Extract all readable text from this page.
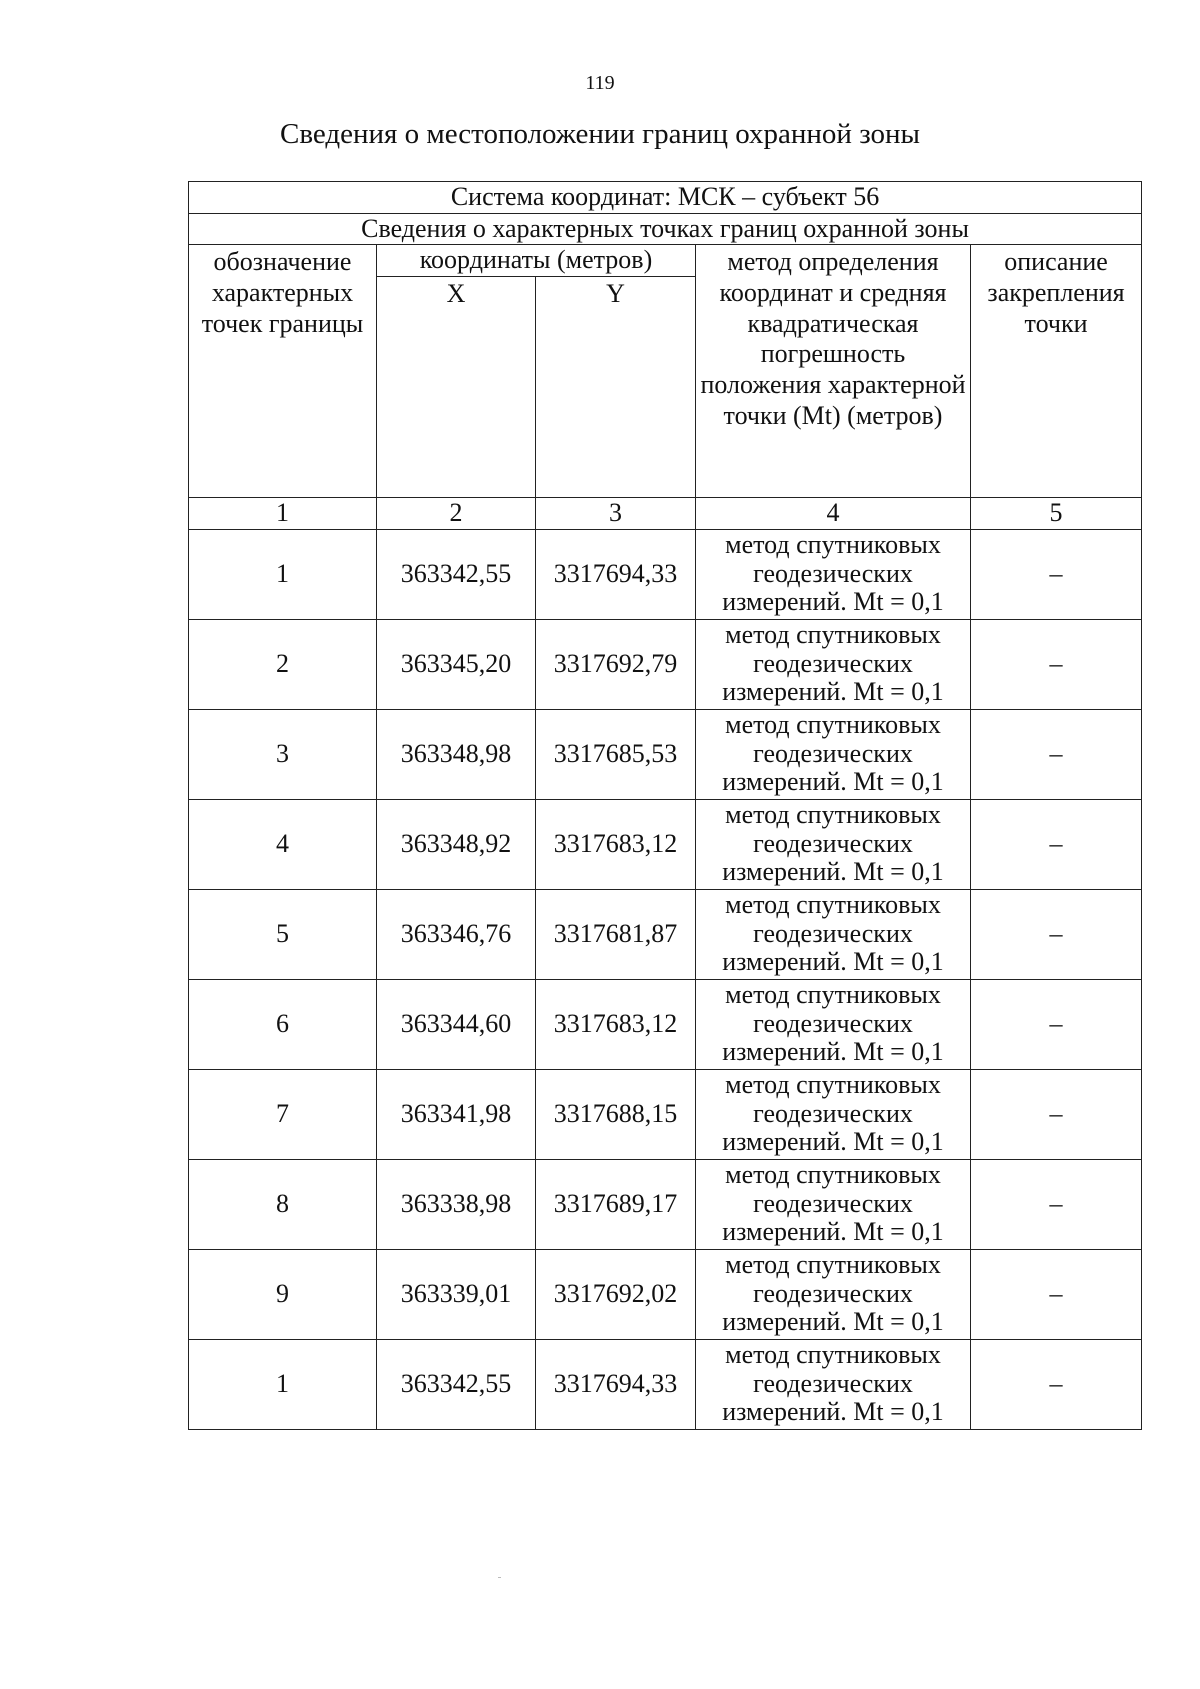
119
Сведения о местоположении границ охранной зоны
Система координат: МСК – субъект 56				
Сведения о характерных точках границ охранной зоны				
обозначение характерных точек границы	координаты (метров)		метод определения координат и средняя квадратическая погрешность положения характерной точки (Mt) (метров)	описание закрепления точки
	X	Y		
1	2	3	4	5
1	363342,55	3317694,33	метод спутниковых
геодезических
измерений. Mt = 0,1	–
2	363345,20	3317692,79	метод спутниковых
геодезических
измерений. Mt = 0,1	–
3	363348,98	3317685,53	метод спутниковых
геодезических
измерений. Mt = 0,1	–
4	363348,92	3317683,12	метод спутниковых
геодезических
измерений. Mt = 0,1	–
5	363346,76	3317681,87	метод спутниковых
геодезических
измерений. Mt = 0,1	–
6	363344,60	3317683,12	метод спутниковых
геодезических
измерений. Mt = 0,1	–
7	363341,98	3317688,15	метод спутниковых
геодезических
измерений. Mt = 0,1	–
8	363338,98	3317689,17	метод спутниковых
геодезических
измерений. Mt = 0,1	–
9	363339,01	3317692,02	метод спутниковых
геодезических
измерений. Mt = 0,1	–
1	363342,55	3317694,33	метод спутниковых
геодезических
измерений. Mt = 0,1	–
